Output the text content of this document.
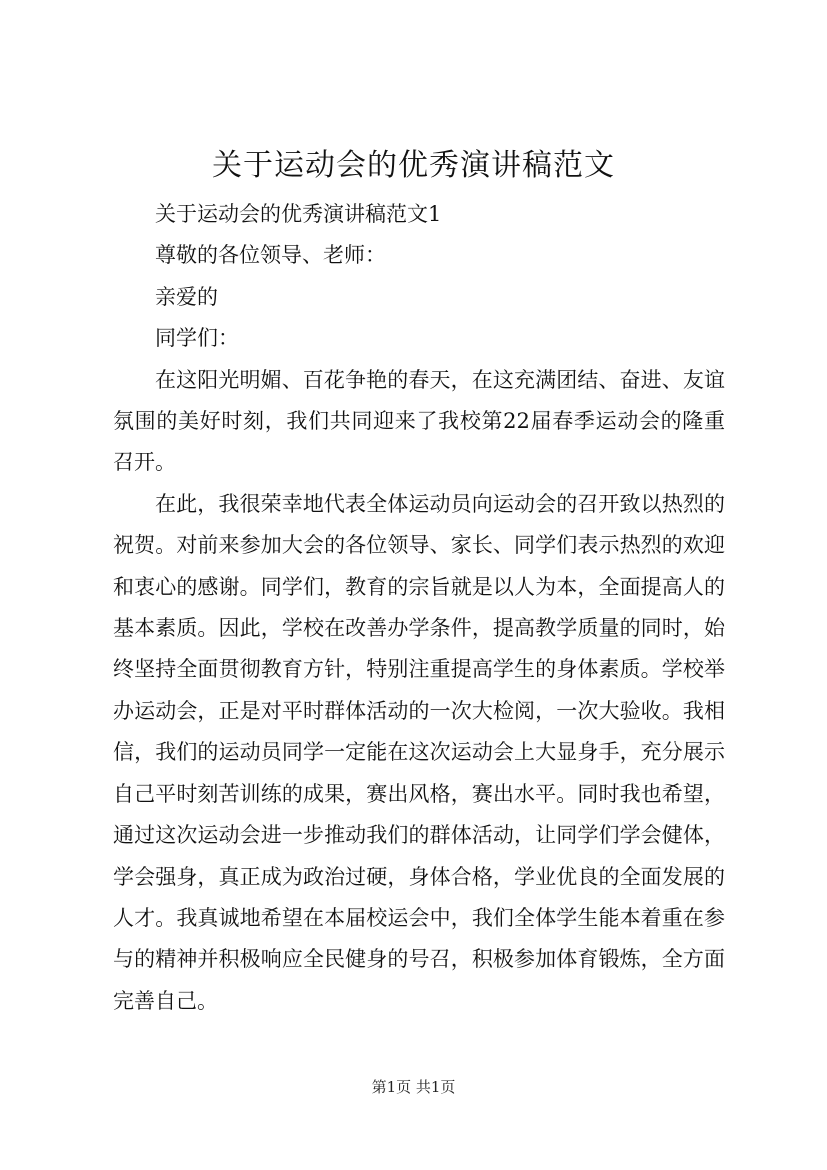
关于运动会的优秀演讲稿范文

关于运动会的优秀演讲稿范文1

尊敬的各位领导、老师：

亲爱的

同学们：

在这阳光明媚、百花争艳的春天，在这充满团结、奋进、友谊氛围的美好时刻，我们共同迎来了我校第22届春季运动会的隆重召开。

在此，我很荣幸地代表全体运动员向运动会的召开致以热烈的祝贺。对前来参加大会的各位领导、家长、同学们表示热烈的欢迎和衷心的感谢。同学们，教育的宗旨就是以人为本，全面提高人的基本素质。因此，学校在改善办学条件，提高教学质量的同时，始终坚持全面贯彻教育方针，特别注重提高学生的身体素质。学校举办运动会，正是对平时群体活动的一次大检阅，一次大验收。我相信，我们的运动员同学一定能在这次运动会上大显身手，充分展示自己平时刻苦训练的成果，赛出风格，赛出水平。同时我也希望，通过这次运动会进一步推动我们的群体活动，让同学们学会健体，学会强身，真正成为政治过硬，身体合格，学业优良的全面发展的人才。我真诚地希望在本届校运会中，我们全体学生能本着重在参与的精神并积极响应全民健身的号召，积极参加体育锻炼，全方面完善自己。

第1页 共1页
